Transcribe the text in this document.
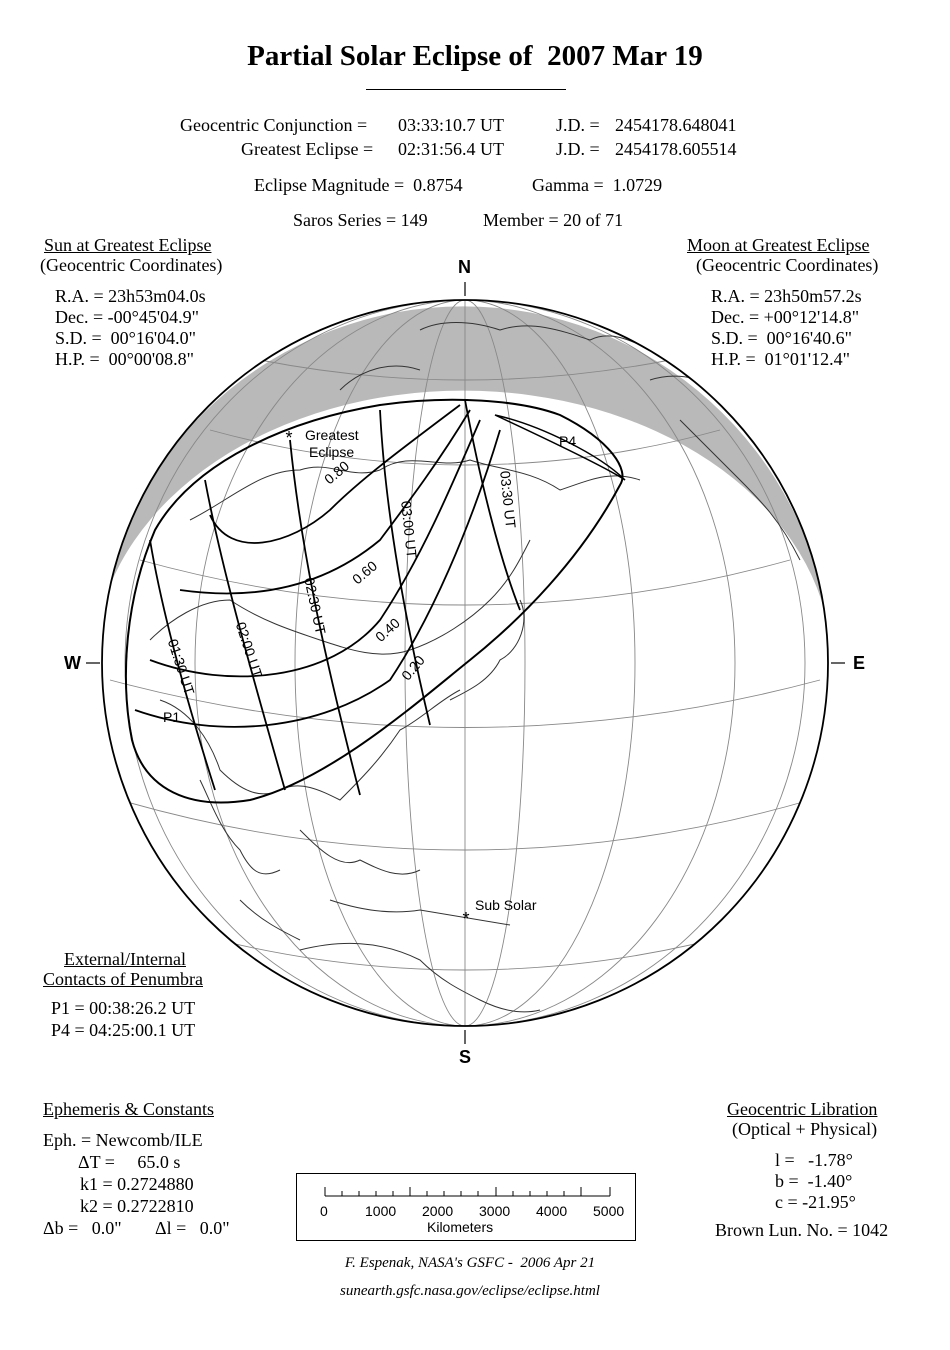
Partial Solar Eclipse of  2007 Mar 19
Geocentric Conjunction = 03:33:10.7 UT	J.D. = 2454178.648041
Greatest Eclipse = 02:31:56.4 UT	J.D. = 2454178.605514
Eclipse Magnitude =  0.8754	Gamma =  1.0729
Saros Series = 149	Member = 20 of 71
Sun at Greatest Eclipse
(Geocentric Coordinates)
R.A. = 23h53m04.0s
Dec. = -00°45'04.9"
S.D. =  00°16'04.0"
H.P. =  00°00'08.8"
Moon at Greatest Eclipse
(Geocentric Coordinates)
R.A. = 23h50m57.2s
Dec. = +00°12'14.8"
S.D. =  00°16'40.6"
H.P. =  01°01'12.4"
*
*
N
S
W	E
Greatest
Eclipse
P1
P4
Sub Solar
0.80
0.60
0.40
0.20
01:30 UT 02:00 UT
02:30 UT
03:00 UT
03:30 UT
External/Internal
Contacts of Penumbra
P1 = 00:38:26.2 UT
P4 = 04:25:00.1 UT
Ephemeris & Constants
Eph. = Newcomb/ILE
ΔT =     65.0 s
k1 = 0.2724880
k2 = 0.2722810
Δb =   0.0" Δl =   0.0"
Geocentric Libration
(Optical + Physical)
l =   -1.78°
b =  -1.40°
c = -21.95°
Brown Lun. No. = 1042
0	1000 2000 3000 4000 5000
Kilometers
F. Espenak, NASA's GSFC -  2006 Apr 21
sunearth.gsfc.nasa.gov/eclipse/eclipse.html
